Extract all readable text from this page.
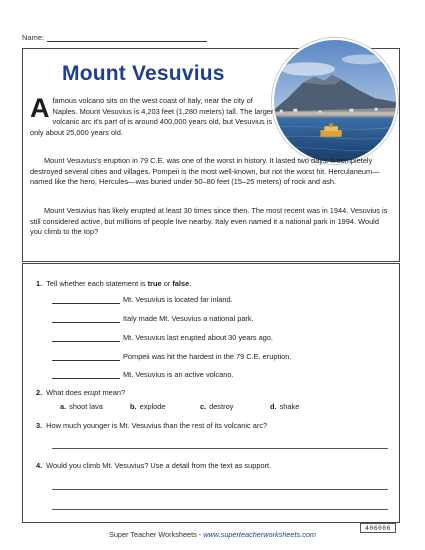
Name:
Mount Vesuvius
Afamous volcano sits on the west coast of Italy, near the city of Naples. Mount Vesuvius is 4,203 feet (1,280 meters) tall. The larger volcanic arc it's part of is around 400,000 years old, but Vesuvius is only about 25,000 years old.
Mount Vesuvius's eruption in 79 C.E. was one of the worst in history. It lasted two days. It completely destroyed several cities and villages. Pompeii is the most well-known, but not the worst hit. Herculaneum—named like the hero, Hercules—was buried under 50–80 feet (15–25 meters) of rock and ash.
Mount Vesuvius has likely erupted at least 30 times since then. The most recent was in 1944. Vesuvius is still considered active, but millions of people live nearby. Italy even named it a national park in 1994. Would you climb to the top?
1. Tell whether each statement is true or false.
Mt. Vesuvius is located far inland.
Italy made Mt. Vesuvius a national park.
Mt. Vesuvius last erupted about 30 years ago.
Pompeii was hit the hardest in the 79 C.E. eruption.
Mt. Vesuvius is an active volcano.
2. What does erupt mean?
a. shoot lava	b. explode	c. destroy	d. shake
3. How much younger is Mt. Vesuvius than the rest of its volcanic arc?
4. Would you climb Mt. Vesuvius? Use a detail from the text as support.
406006
Super Teacher Worksheets - www.superteacherworksheets.com
